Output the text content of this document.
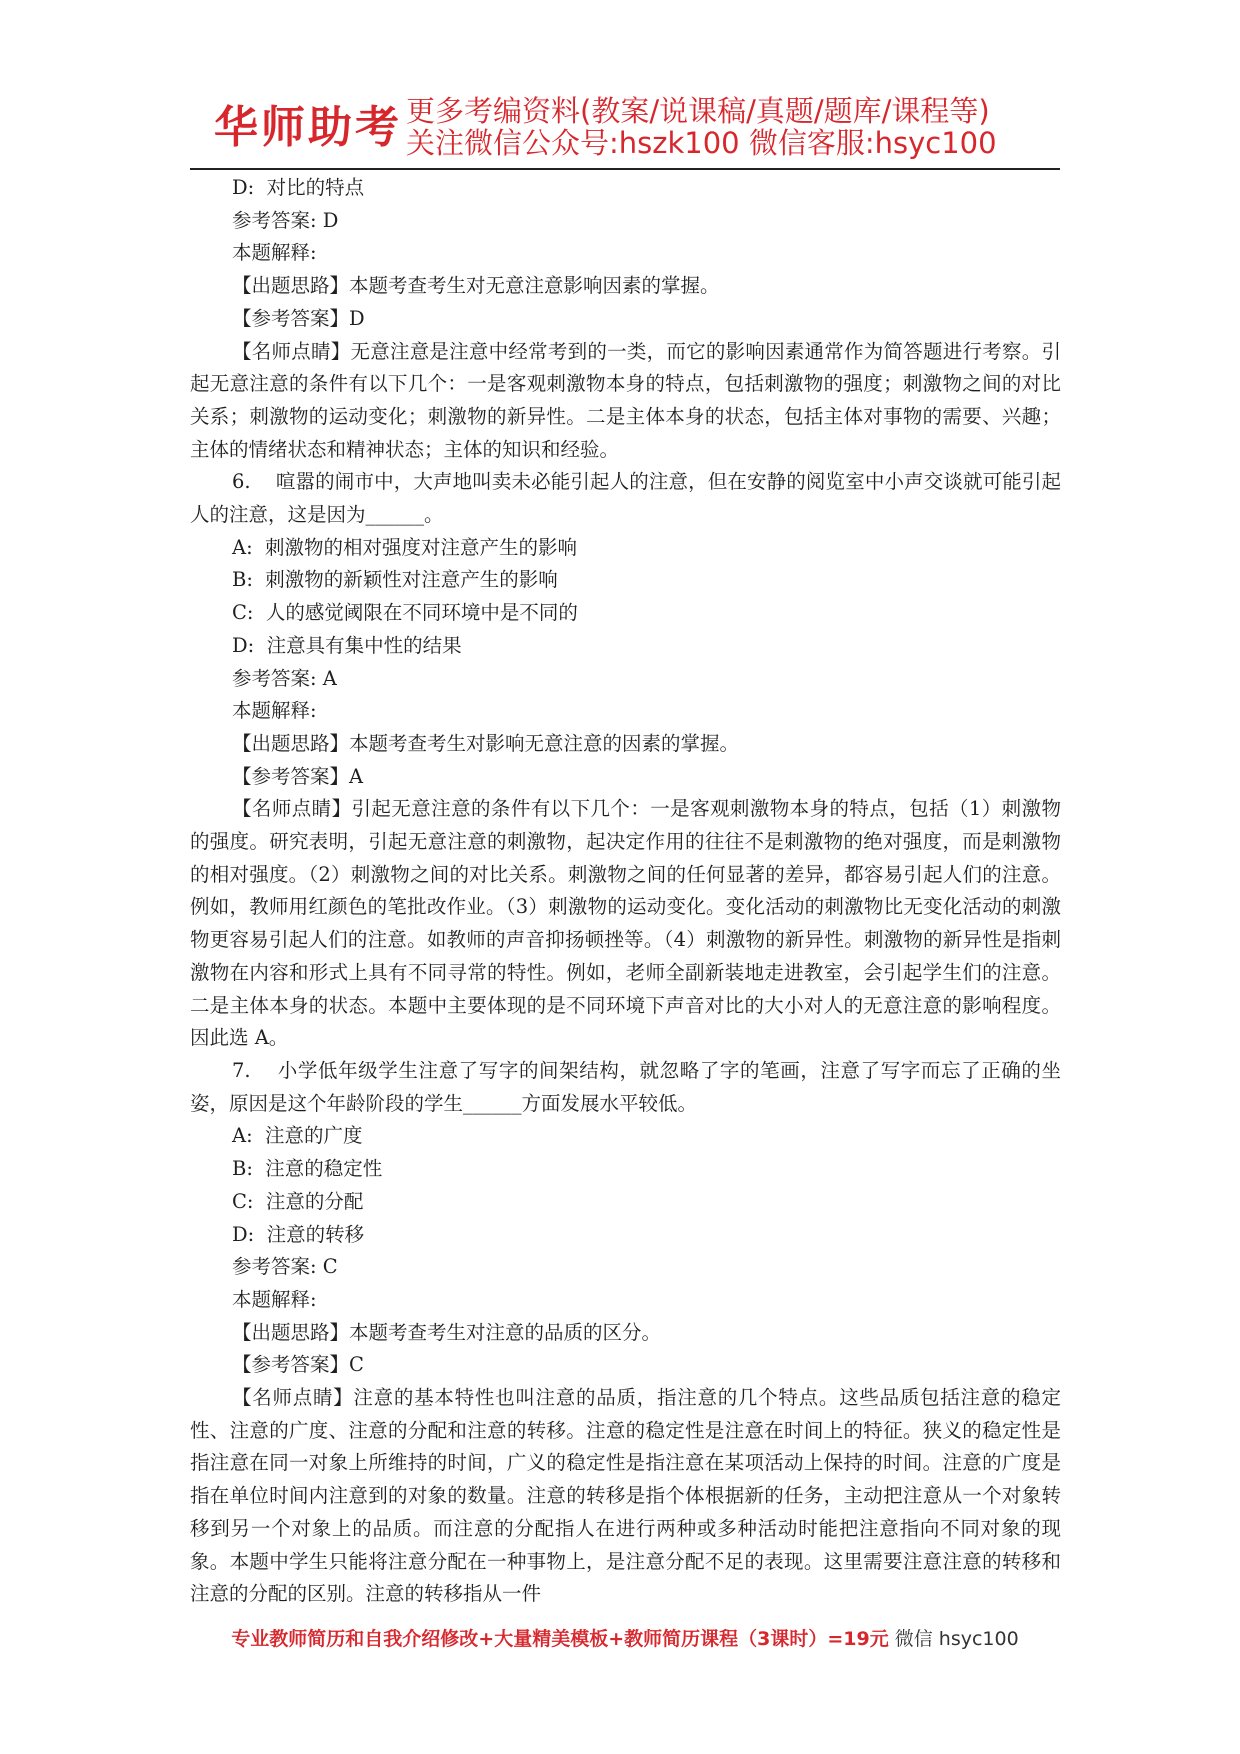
华师助考 更多考编资料(教案/说课稿/真题/题库/课程等)
关注微信公众号:hszk100 微信客服:hsyc100

D:  对比的特点

参考答案: D

本题解释:

【出题思路】本题考查考生对无意注意影响因素的掌握。

【参考答案】D

【名师点睛】无意注意是注意中经常考到的一类，而它的影响因素通常作为简答题进行考察。引起无意注意的条件有以下几个：一是客观刺激物本身的特点，包括刺激物的强度；刺激物之间的对比关系；刺激物的运动变化；刺激物的新异性。二是主体本身的状态，包括主体对事物的需要、兴趣；主体的情绪状态和精神状态；主体的知识和经验。

6.    喧嚣的闹市中，大声地叫卖未必能引起人的注意，但在安静的阅览室中小声交谈就可能引起人的注意，这是因为______。

A:  刺激物的相对强度对注意产生的影响

B:  刺激物的新颖性对注意产生的影响

C:  人的感觉阈限在不同环境中是不同的

D:  注意具有集中性的结果

参考答案: A

本题解释:

【出题思路】本题考查考生对影响无意注意的因素的掌握。

【参考答案】A

【名师点睛】引起无意注意的条件有以下几个：一是客观刺激物本身的特点，包括（1）刺激物的强度。研究表明，引起无意注意的刺激物，起决定作用的往往不是刺激物的绝对强度，而是刺激物的相对强度。（2）刺激物之间的对比关系。刺激物之间的任何显著的差异，都容易引起人们的注意。例如，教师用红颜色的笔批改作业。（3）刺激物的运动变化。变化活动的刺激物比无变化活动的刺激物更容易引起人们的注意。如教师的声音抑扬顿挫等。（4）刺激物的新异性。刺激物的新异性是指刺激物在内容和形式上具有不同寻常的特性。例如，老师全副新装地走进教室，会引起学生们的注意。二是主体本身的状态。本题中主要体现的是不同环境下声音对比的大小对人的无意注意的影响程度。因此选 A。

7.    小学低年级学生注意了写字的间架结构，就忽略了字的笔画，注意了写字而忘了正确的坐姿，原因是这个年龄阶段的学生______方面发展水平较低。

A:  注意的广度

B:  注意的稳定性

C:  注意的分配

D:  注意的转移

参考答案: C

本题解释:

【出题思路】本题考查考生对注意的品质的区分。

【参考答案】C

【名师点睛】注意的基本特性也叫注意的品质，指注意的几个特点。这些品质包括注意的稳定性、注意的广度、注意的分配和注意的转移。注意的稳定性是注意在时间上的特征。狭义的稳定性是指注意在同一对象上所维持的时间，广义的稳定性是指注意在某项活动上保持的时间。注意的广度是指在单位时间内注意到的对象的数量。注意的转移是指个体根据新的任务，主动把注意从一个对象转移到另一个对象上的品质。而注意的分配指人在进行两种或多种活动时能把注意指向不同对象的现象。本题中学生只能将注意分配在一种事物上，是注意分配不足的表现。这里需要注意注意的转移和注意的分配的区别。注意的转移指从一件

专业教师简历和自我介绍修改+大量精美模板+教师简历课程（3课时）=19元 微信 hsyc100
